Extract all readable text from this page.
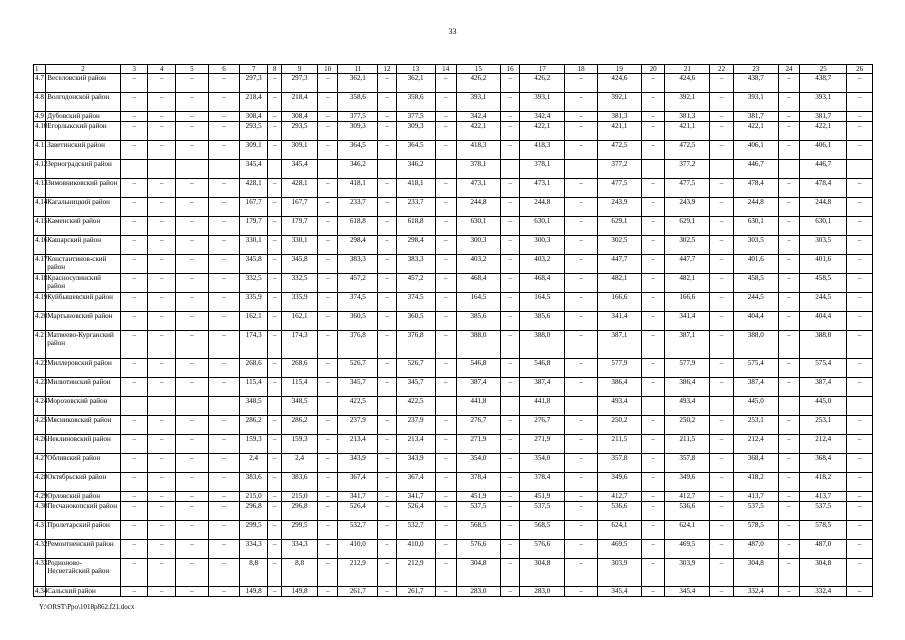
33
1	2	3	4	5	6	7	8	9	10	11	12	13	14	15	16	17	18	19	20	21	22	23	24	25	26
4.7	Веселовский район	–	–	–	–	297,3	–	297,3	–	362,1	–	362,1	–	426,2	–	426,2	–	424,6	–	424,6	–	438,7	–	438,7	–
4.8	Волгодонской район	–	–	–	–	218,4	–	218,4	–	358,6	–	358,6	–	393,1	–	393,1	–	392,1	–	392,1	–	393,1	–	393,1	–
4.9	Дубовский район	–	–	–	–	308,4	–	308,4	–	377,5	–	377,5	–	342,4	–	342,4	–	381,3	–	381,3	–	381,7	–	381,7	–
4.10	Егорлыкский район	–	–	–	–	293,5	–	293,5	–	309,3	–	309,3	–	422,1	–	422,1	–	421,1	–	421,1	–	422,1	–	422,1	–
4.11	Заветинский район	–	–	–	–	309,1	–	309,1	–	364,5	–	364,5	–	418,3	–	418,3	–	472,5	–	472,5	–	406,1	–	406,1	–
4.12	Зерноградский район					345,4		345,4		346,2		346,2		378,1		378,1		377,2		377,2		446,7		446,7	
4.13	Зимовниковский район	–	–	–	–	428,1	–	428,1	–	418,1	–	418,1	–	473,1	–	473,1	–	477,5	–	477,5	–	478,4	–	478,4	–
4.14	Кагальницкий район	–	–	–	–	167,7	–	167,7	–	233,7	–	233,7	–	244,8	–	244,8	–	243,9	–	243,9	–	244,8	–	244,8	–
4.15	Каменский район	–	–	–	–	179,7	–	179,7	–	618,8	–	618,8	–	630,1	–	630,1	–	629,1	–	629,1	–	630,1	–	630,1	–
4.16	Кашарский район	–	–	–	–	330,1	–	330,1	–	298,4	–	298,4	–	300,3	–	300,3	–	302,5	–	302,5	–	303,5	–	303,5	–
4.17	Константинов-ский район	–	–	–	–	345,8	–	345,8	–	383,3	–	383,3	–	403,2	–	403,2	–	447,7	–	447,7	–	401,6	–	401,6	–
4.18	Красносулинский район	–	–	–	–	332,5	–	332,5	–	457,2	–	457,2	–	468,4	–	468,4	–	482,1	–	482,1	–	458,5	–	458,5	–
4.19	Куйбышевский район	–	–	–	–	335,9	–	335,9	–	374,5	–	374,5	–	164,5	–	164,5	–	166,6	–	166,6	–	244,5	–	244,5	–
4.20	Мартыновский район	–	–	–	–	162,1	–	162,1	–	360,5	–	360,5	–	385,6	–	385,6	–	341,4	–	341,4	–	404,4	–	404,4	–
4.21	Матвеево-Курганский район	–	–	–	–	174,3	–	174,3	–	376,8	–	376,8	–	388,0	–	388,0	–	387,1	–	387,1	–	388,0	–	388,0	–
4.22	Миллеровский район	–	–	–	–	268,6	–	268,6	–	526,7	–	526,7	–	546,8	–	546,8	–	577,9	–	577,9	–	575,4	–	575,4	–
4.23	Милютинский район	–	–	–	–	115,4	–	115,4	–	345,7	–	345,7	–	387,4	–	387,4	–	386,4	–	386,4	–	387,4	–	387,4	–
4.24	Морозовский район					348,5		348,5		422,5		422,5		441,8		441,8		493,4		493,4		445,0		445,0	
4.25	Мясниковский район	–	–	–	–	286,2	–	286,2	–	237,9	–	237,9	–	276,7	–	276,7	–	250,2	–	250,2	–	253,1	–	253,1	–
4.26	Неклиновский район	–	–	–	–	159,3	–	159,3	–	213,4	–	213,4	–	271,9	–	271,9	–	211,5	–	211,5	–	212,4	–	212,4	–
4.27	Обливский район	–	–	–	–	2,4	–	2,4	–	343,9	–	343,9	–	354,0	–	354,0	–	357,8	–	357,8	–	368,4	–	368,4	–
4.28	Октябрьский район	–	–	–	–	383,6	–	383,6	–	367,4	–	367,4	–	378,4	–	378,4	–	349,6	–	349,6	–	418,2	–	418,2	–
4.29	Орловский район	–	–	–	–	215,0	–	215,0	–	341,7	–	341,7	–	451,9	–	451,9	–	412,7	–	412,7	–	413,7	–	413,7	–
4.30	Песчанокопский район	–	–	–	–	296,8	–	296,8	–	526,4	–	526,4	–	537,5	–	537,5	–	536,6	–	536,6	–	537,5	–	537,5	–
4.31	Пролетарский район	–	–	–	–	299,5	–	299,5	–	532,7	–	532,7	–	568,5	–	568,5	–	624,1	–	624,1	–	578,5	–	578,5	–
4.32	Ремонтненский район	–	–	–	–	334,3	–	334,3	–	410,0	–	410,0	–	576,6	–	576,6	–	469,5	–	469,5	–	487,0	–	487,0	–
4.33	Родионово-Несветайский район	–	–	–	–	8,8	–	8,8	–	212,9	–	212,9	–	304,8	–	304,8	–	303,9	–	303,9	–	304,8	–	304,8	–
4.34	Сальский район	–	–	–	–	149,8	–	149,8	–	261,7	–	261,7	–	283,0	–	283,0	–	345,4	–	345,4	–	332,4	–	332,4	–
Y:\ORST\Ppo\1018p862.f21.docx
